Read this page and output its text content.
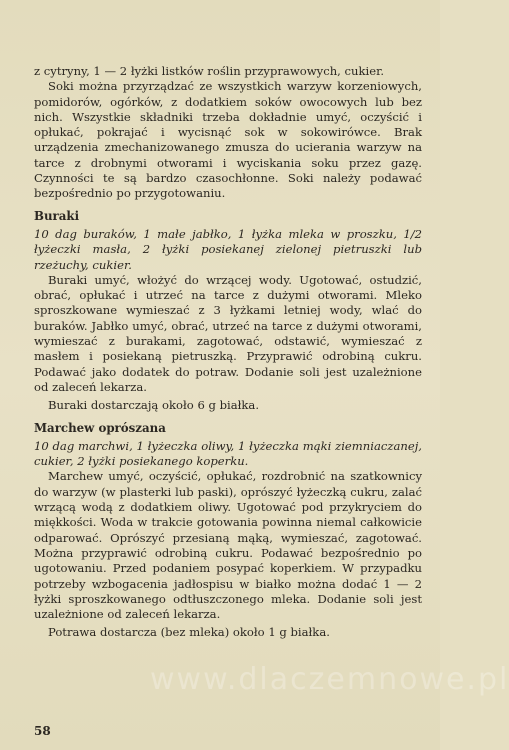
z cytryny, 1 — 2 łyżki listków roślin przyprawowych, cukier.

Soki można przyrządzać ze wszystkich warzyw korzeniowych, pomidorów, ogórków, z dodatkiem soków owocowych lub bez nich. Wszystkie składniki trzeba dokładnie umyć, oczyścić i opłukać, pokrajać i wycisnąć sok w sokowirówce. Brak urządzenia zmechanizowanego zmusza do ucierania warzyw na tarce z drobnymi otworami i wyciskania soku przez gazę. Czynności te są bardzo czasochłonne. Soki należy podawać bezpośrednio po przygotowaniu.

Buraki

10 dag buraków, 1 małe jabłko, 1 łyżka mleka w proszku, 1/2 łyżeczki masła, 2 łyżki posiekanej zielonej pietruszki lub rzeżuchy, cukier.

Buraki umyć, włożyć do wrzącej wody. Ugotować, ostudzić, obrać, opłukać i utrzeć na tarce z dużymi otworami. Mleko sproszkowane wymieszać z 3 łyżkami letniej wody, wlać do buraków. Jabłko umyć, obrać, utrzeć na tarce z dużymi otworami, wymieszać z burakami, zagotować, odstawić, wymieszać z masłem i posiekaną pietruszką. Przyprawić odrobiną cukru. Podawać jako dodatek do potraw. Dodanie soli jest uzależnione od zaleceń lekarza.

Buraki dostarczają około 6 g białka.

Marchew oprószana

10 dag marchwi, 1 łyżeczka oliwy, 1 łyżeczka mąki ziemniaczanej, cukier, 2 łyżki posiekanego koperku.

Marchew umyć, oczyścić, opłukać, rozdrobnić na szatkownicy do warzyw (w plasterki lub paski), oprószyć łyżeczką cukru, zalać wrzącą wodą z dodatkiem oliwy. Ugotować pod przykryciem do miękkości. Woda w trakcie gotowania powinna niemal całkowicie odparować. Oprószyć przesianą mąką, wymieszać, zagotować. Można przyprawić odrobiną cukru. Podawać bezpośrednio po ugotowaniu. Przed podaniem posypać koperkiem. W przypadku potrzeby wzbogacenia jadłospisu w białko można dodać 1 — 2 łyżki sproszkowanego odtłuszczonego mleka. Dodanie soli jest uzależnione od zaleceń lekarza.

Potrawa dostarcza (bez mleka) około 1 g białka.

www.dlaczemnowe.pl
58
